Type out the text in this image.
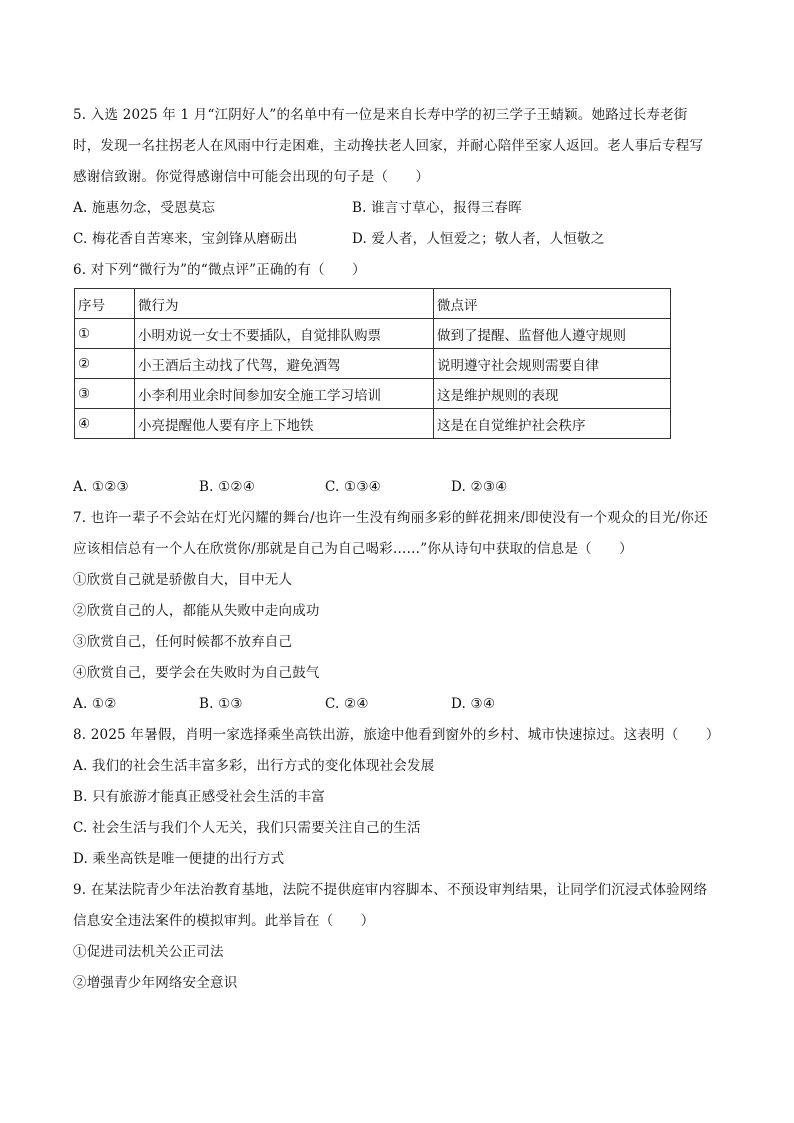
5. 入选 2025 年 1 月“江阴好人”的名单中有一位是来自长寿中学的初三学子王蜻颖。她路过长寿老街
时，发现一名拄拐老人在风雨中行走困难，主动搀扶老人回家，并耐心陪伴至家人返回。老人事后专程写
感谢信致谢。你觉得感谢信中可能会出现的句子是（　　）
A. 施惠勿念，受恩莫忘	B. 谁言寸草心，报得三春晖
C. 梅花香自苦寒来，宝剑锋从磨砺出	D. 爱人者，人恒爱之；敬人者，人恒敬之
6. 对下列“微行为”的“微点评”正确的有（　　）
序号	微行为	微点评
①	小明劝说一女士不要插队，自觉排队购票	做到了提醒、监督他人遵守规则
②	小王酒后主动找了代驾，避免酒驾	说明遵守社会规则需要自律
③	小李利用业余时间参加安全施工学习培训	这是维护规则的表现
④	小亮提醒他人要有序上下地铁	这是在自觉维护社会秩序
A. ①②③	B. ①②④	C. ①③④	D. ②③④
7. 也许一辈子不会站在灯光闪耀的舞台/也许一生没有绚丽多彩的鲜花拥来/即使没有一个观众的目光/你还
应该相信总有一个人在欣赏你/那就是自己为自己喝彩……”你从诗句中获取的信息是（　　）
①欣赏自己就是骄傲自大，目中无人
②欣赏自己的人，都能从失败中走向成功
③欣赏自己，任何时候都不放弃自己
④欣赏自己，要学会在失败时为自己鼓气
A. ①②	B. ①③	C. ②④	D. ③④
8. 2025 年暑假，肖明一家选择乘坐高铁出游，旅途中他看到窗外的乡村、城市快速掠过。这表明（　　）
A. 我们的社会生活丰富多彩，出行方式的变化体现社会发展
B. 只有旅游才能真正感受社会生活的丰富
C. 社会生活与我们个人无关，我们只需要关注自己的生活
D. 乘坐高铁是唯一便捷的出行方式
9. 在某法院青少年法治教育基地，法院不提供庭审内容脚本、不预设审判结果，让同学们沉浸式体验网络
信息安全违法案件的模拟审判。此举旨在（　　）
①促进司法机关公正司法
②增强青少年网络安全意识
